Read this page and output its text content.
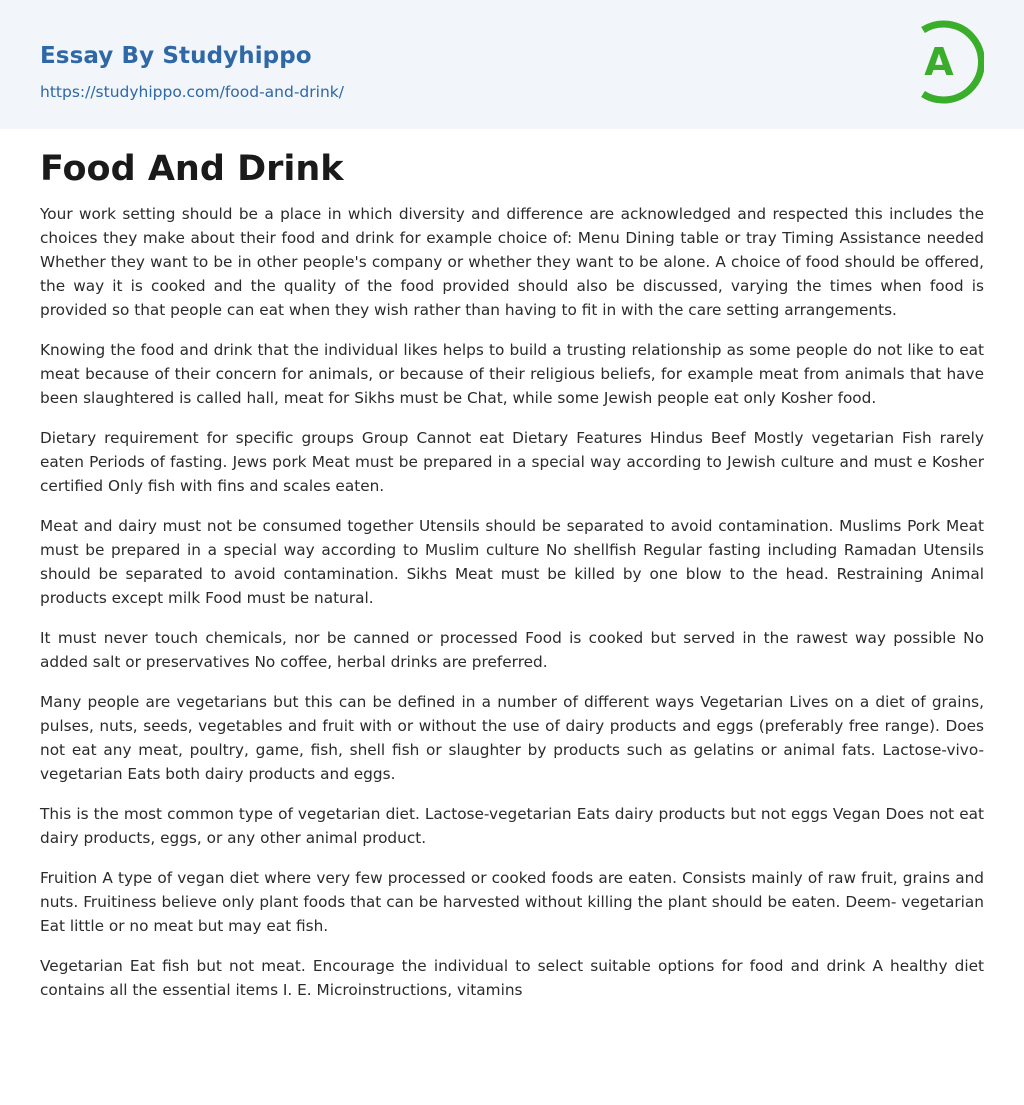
Essay By Studyhippo
https://studyhippo.com/food-and-drink/
A
Food And Drink

Your work setting should be a place in which diversity and difference are acknowledged and respected this includes the choices they make about their food and drink for example choice of: Menu Dining table or tray Timing Assistance needed Whether they want to be in other people's company or whether they want to be alone. A choice of food should be offered, the way it is cooked and the quality of the food provided should also be discussed, varying the times when food is provided so that people can eat when they wish rather than having to fit in with the care setting arrangements.

Knowing the food and drink that the individual likes helps to build a trusting relationship as some people do not like to eat meat because of their concern for animals, or because of their religious beliefs, for example meat from animals that have been slaughtered is called hall, meat for Sikhs must be Chat, while some Jewish people eat only Kosher food.

Dietary requirement for specific groups Group Cannot eat Dietary Features Hindus Beef Mostly vegetarian Fish rarely eaten Periods of fasting. Jews pork Meat must be prepared in a special way according to Jewish culture and must e Kosher certified Only fish with fins and scales eaten.

Meat and dairy must not be consumed together Utensils should be separated to avoid contamination. Muslims Pork Meat must be prepared in a special way according to Muslim culture No shellfish Regular fasting including Ramadan Utensils should be separated to avoid contamination. Sikhs Meat must be killed by one blow to the head. Restraining Animal products except milk Food must be natural.

It must never touch chemicals, nor be canned or processed Food is cooked but served in the rawest way possible No added salt or preservatives No coffee, herbal drinks are preferred.

Many people are vegetarians but this can be defined in a number of different ways Vegetarian Lives on a diet of grains, pulses, nuts, seeds, vegetables and fruit with or without the use of dairy products and eggs (preferably free range). Does not eat any meat, poultry, game, fish, shell fish or slaughter by products such as gelatins or animal fats. Lactose-vivo-vegetarian Eats both dairy products and eggs.

This is the most common type of vegetarian diet. Lactose-vegetarian Eats dairy products but not eggs Vegan Does not eat dairy products, eggs, or any other animal product.

Fruition A type of vegan diet where very few processed or cooked foods are eaten. Consists mainly of raw fruit, grains and nuts. Fruitiness believe only plant foods that can be harvested without killing the plant should be eaten. Deem- vegetarian Eat little or no meat but may eat fish.

Vegetarian Eat fish but not meat. Encourage the individual to select suitable options for food and drink A healthy diet contains all the essential items I. E. Microinstructions, vitamins
